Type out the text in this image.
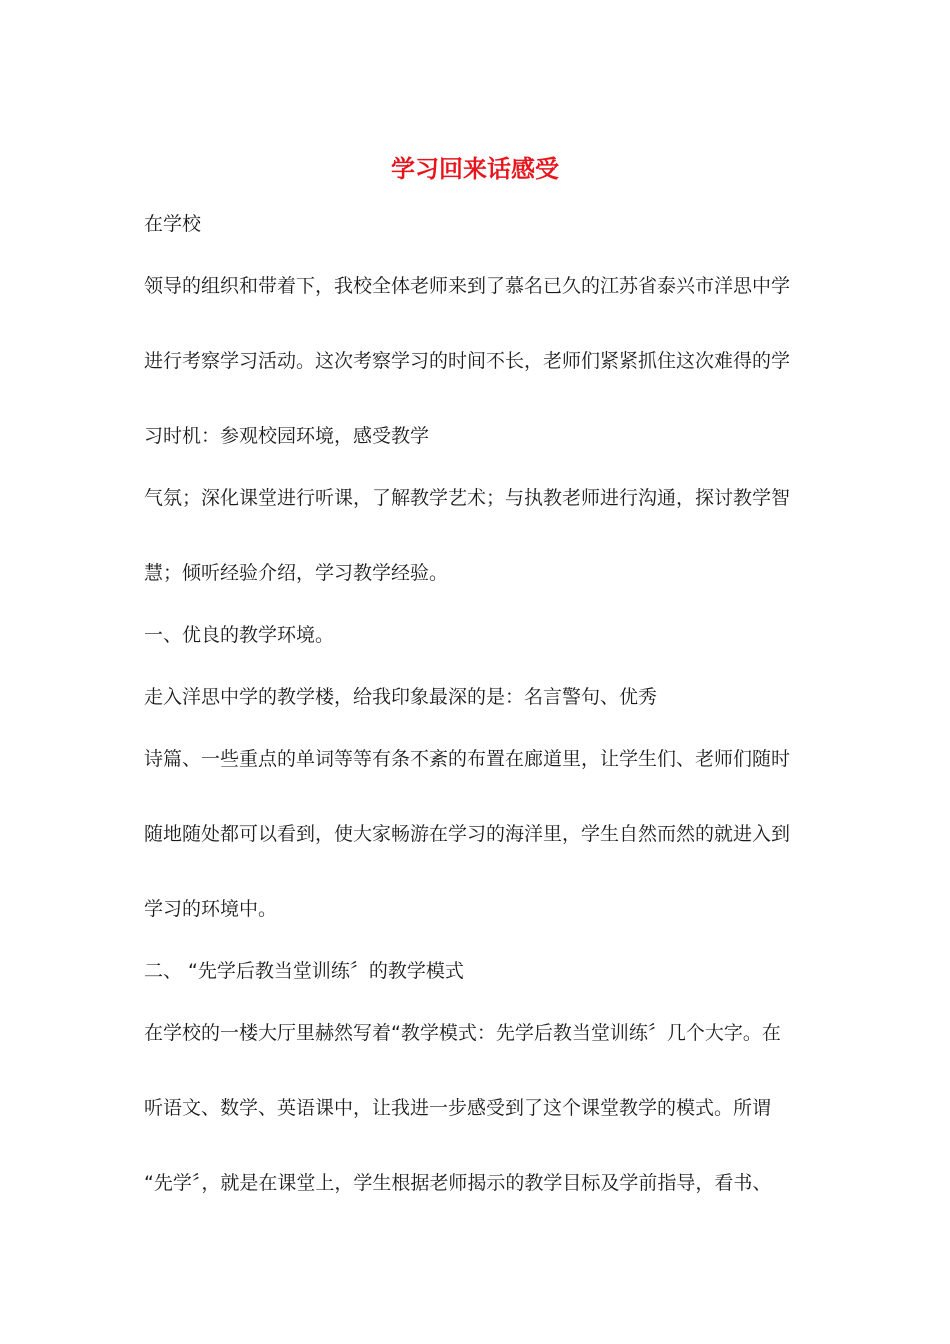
学习回来话感受

在学校

领导的组织和带着下，我校全体老师来到了慕名已久的江苏省泰兴市洋思中学

进行考察学习活动。这次考察学习的时间不长，老师们紧紧抓住这次难得的学

习时机：参观校园环境，感受教学

气氛；深化课堂进行听课，了解教学艺术；与执教老师进行沟通，探讨教学智

慧；倾听经验介绍，学习教学经验。

一、优良的教学环境。

走入洋思中学的教学楼，给我印象最深的是：名言警句、优秀

诗篇、一些重点的单词等等有条不紊的布置在廊道里，让学生们、老师们随时

随地随处都可以看到，使大家畅游在学习的海洋里，学生自然而然的就进入到

学习的环境中。

二、 “先学后教当堂训练〞的教学模式

在学校的一楼大厅里赫然写着“教学模式：先学后教当堂训练〞几个大字。在

听语文、数学、英语课中，让我进一步感受到了这个课堂教学的模式。所谓

“先学〞，就是在课堂上，学生根据老师揭示的教学目标及学前指导，看书、
